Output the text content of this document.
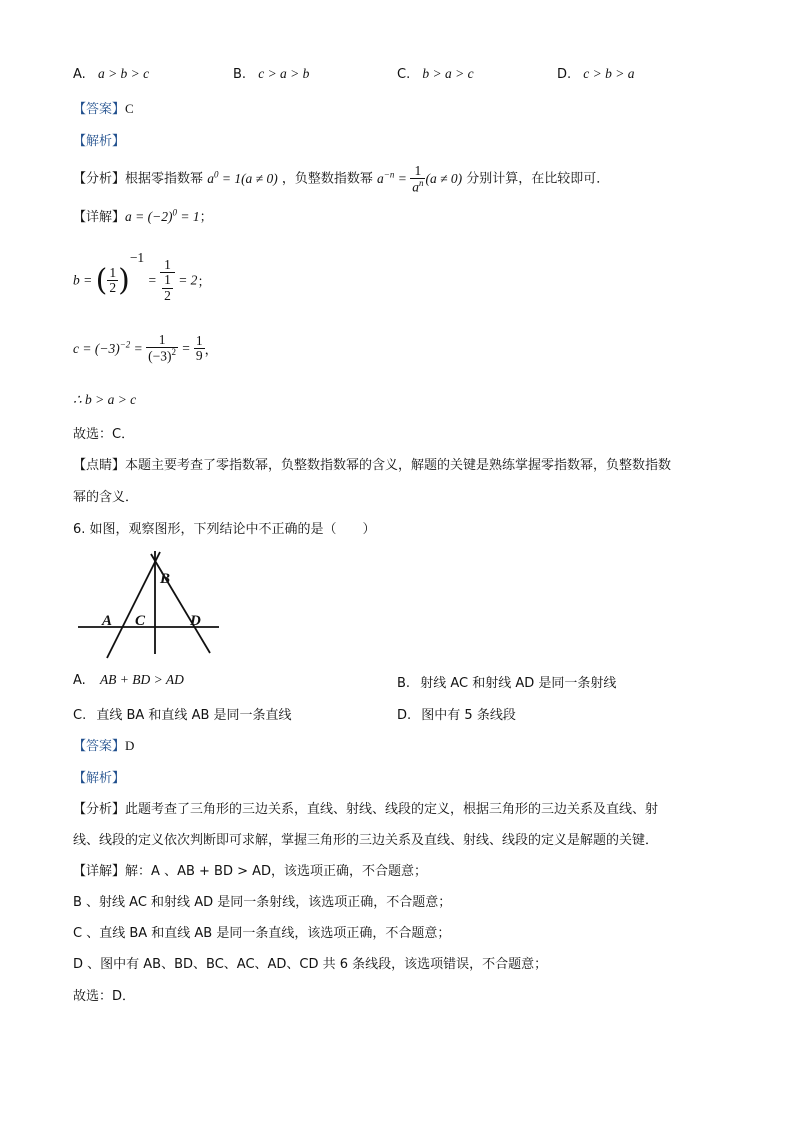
A. a > b > c	B. c > a > b	C. b > a > c	D. c > b > a
【答案】C
【解析】
【分析】根据零指数幂 $a^0 = 1(a \ne 0)$ ，负整数指数幂 $a^{-n} = \frac{1}{a^n} (a \ne 0)$ 分别计算，在比较即可．
【详解】$a = (-2)^0 = 1$；
b = ( $\frac{1}{2} )^{-1} = \frac{1}{\frac{1}{2}} = 2$；
$c = (-3)^{-2} = \frac{1}{(-3)^2} = \frac{1}{9}$ ，
∴ b > a > c
故选：C．
【点睛】本题主要考查了零指数幂，负整数指数幂的含义，解题的关键是熟练掌握零指数幂，负整数指数
幂的含义．
6. 如图，观察图形，下列结论中不正确的是（　　）
B
A C	D
A. AB + BD > AD	B. 射线 AC 和射线 AD 是同一条射线
C. 直线 BA 和直线 AB 是同一条直线	D. 图中有 5 条线段
【答案】D
【解析】
【分析】此题考查了三角形的三边关系，直线、射线、线段的定义，根据三角形的三边关系及直线、射
线、线段的定义依次判断即可求解，掌握三角形的三边关系及直线、射线、线段的定义是解题的关键．
【详解】解：A 、AB + BD > AD，该选项正确，不合题意；
B 、射线 AC 和射线 AD 是同一条射线，该选项正确，不合题意；
C 、直线 BA 和直线 AB 是同一条直线，该选项正确，不合题意；
D 、图中有 AB、BD、BC、AC、AD、CD 共 6 条线段，该选项错误，不合题意；
故选：D．
